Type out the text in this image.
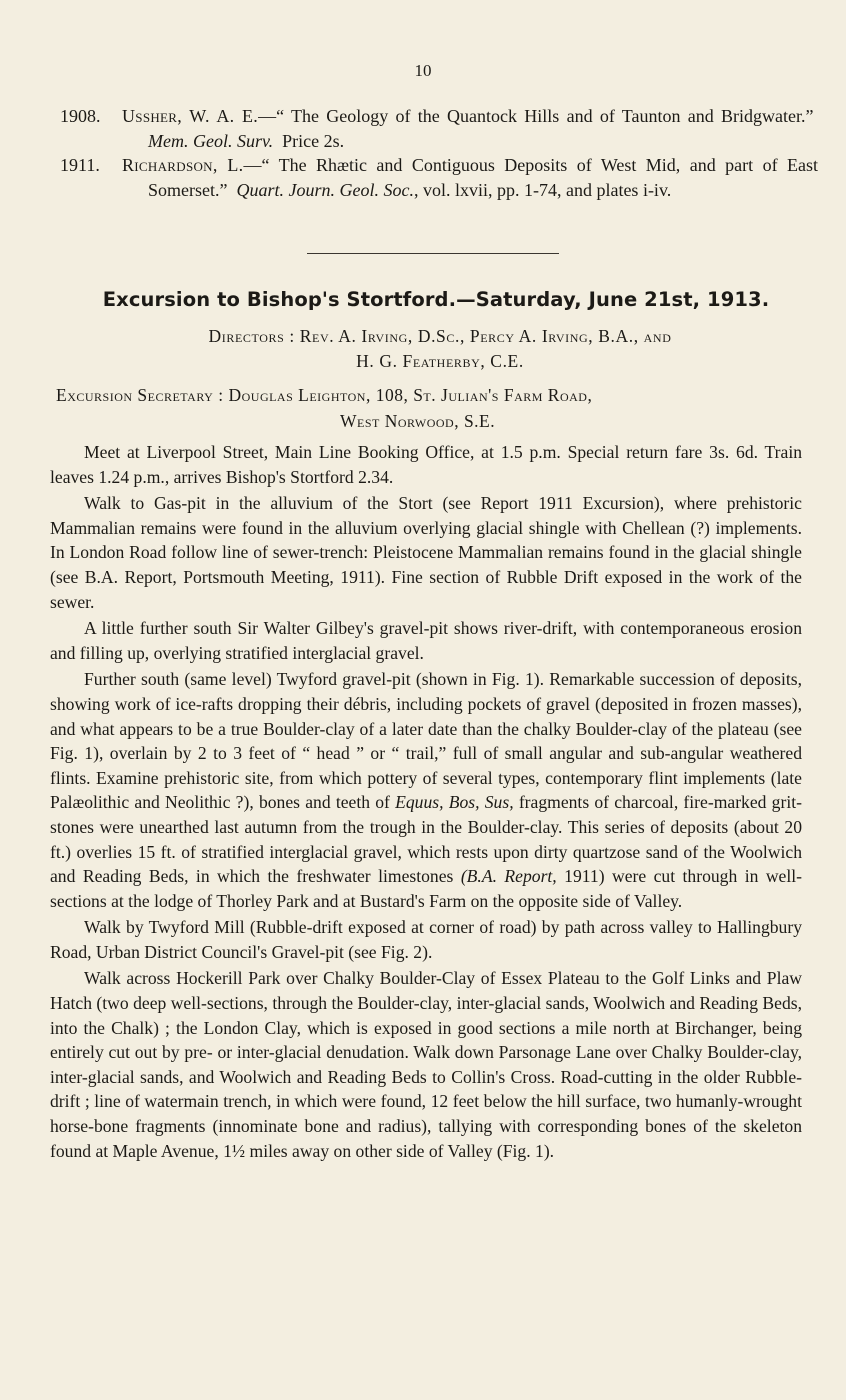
10
1908. Ussher, W. A. E.—“ The Geology of the Quantock Hills and of Taunton and Bridgwater.”  Mem. Geol. Surv. Price 2s.
1911. Richardson, L.—“ The Rhætic and Contiguous Deposits of West Mid, and part of East Somerset.” Quart. Journ. Geol. Soc., vol. lxvii, pp. 1-74, and plates i-iv.
Excursion to Bishop's Stortford.—Saturday, June 21st, 1913.
Directors : Rev. A. Irving, D.Sc., Percy A. Irving, B.A., and
H. G. Featherby, C.E.
Excursion Secretary : Douglas Leighton, 108, St. Julian's Farm Road,
West Norwood, S.E.

Meet at Liverpool Street, Main Line Booking Office, at 1.5 p.m. Special return fare 3s. 6d. Train leaves 1.24 p.m., arrives Bishop's Stortford 2.34.

Walk to Gas-pit in the alluvium of the Stort (see Report 1911 Excursion), where prehistoric Mammalian remains were found in the alluvium overlying glacial shingle with Chellean (?) implements. In London Road follow line of sewer-trench: Pleistocene Mammalian remains found in the glacial shingle (see B.A. Report, Portsmouth Meeting, 1911). Fine section of Rubble Drift exposed in the work of the sewer.

A little further south Sir Walter Gilbey's gravel-pit shows river-drift, with contemporaneous erosion and filling up, overlying stratified interglacial gravel.

Further south (same level) Twyford gravel-pit (shown in Fig. 1). Remarkable succession of deposits, showing work of ice-rafts dropping their débris, including pockets of gravel (deposited in frozen masses), and what appears to be a true Boulder-clay of a later date than the chalky Boulder-clay of the plateau (see Fig. 1), overlain by 2 to 3 feet of “ head ” or “ trail,” full of small angular and sub-angular weathered flints. Examine prehistoric site, from which pottery of several types, contemporary flint implements (late Palæolithic and Neolithic ?), bones and teeth of Equus, Bos, Sus, fragments of charcoal, fire-marked grit-stones were unearthed last autumn from the trough in the Boulder-clay. This series of deposits (about 20 ft.) overlies 15 ft. of stratified interglacial gravel, which rests upon dirty quartzose sand of the Woolwich and Reading Beds, in which the freshwater limestones (B.A. Report, 1911) were cut through in well-sections at the lodge of Thorley Park and at Bustard's Farm on the opposite side of Valley.

Walk by Twyford Mill (Rubble-drift exposed at corner of road) by path across valley to Hallingbury Road, Urban District Council's Gravel-pit (see Fig. 2).

Walk across Hockerill Park over Chalky Boulder-Clay of Essex Plateau to the Golf Links and Plaw Hatch (two deep well-sections, through the Boulder-clay, inter-glacial sands, Woolwich and Reading Beds, into the Chalk) ; the London Clay, which is exposed in good sections a mile north at Birchanger, being entirely cut out by pre- or inter-glacial denudation. Walk down Parsonage Lane over Chalky Boulder-clay, inter-glacial sands, and Woolwich and Reading Beds to Collin's Cross. Road-cutting in the older Rubble-drift ; line of watermain trench, in which were found, 12 feet below the hill surface, two humanly-wrought horse-bone fragments (innominate bone and radius), tallying with corresponding bones of the skeleton found at Maple Avenue, 1½ miles away on other side of Valley (Fig. 1).
